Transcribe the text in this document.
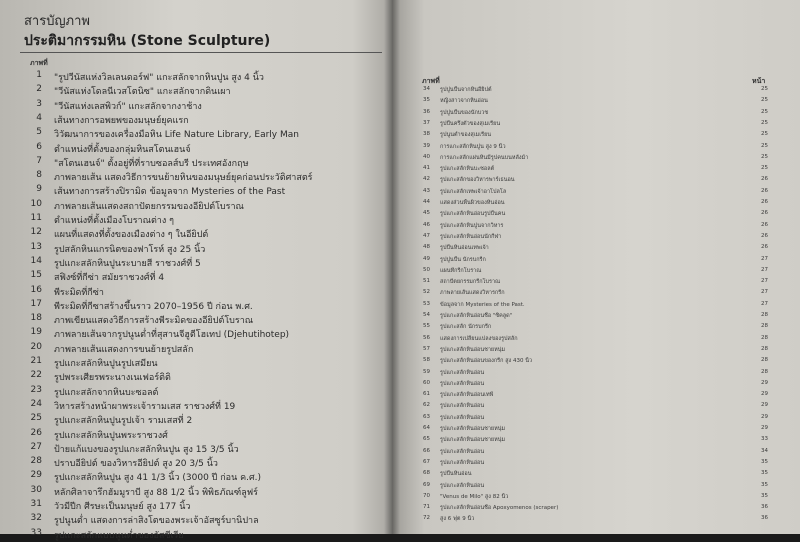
สารบัญภาพ
ประติมากรรมหิน (Stone Sculpture)
ภาพที่
1 "รูปวีนัสแห่งวิลเลนดอร์ฟ" แกะสลักจากหินปูน สูง 4 นิ้ว
2 "วีนัสแห่งโดลนีเวสโตนิซ" แกะสลักจากดินเผา
3 "วีนัสแห่งเลสพิวก์" แกะสลักจากงาช้าง
4 เส้นทางการอพยพของมนุษย์ยุคแรก
5 วิวัฒนาการของเครื่องมือหิน Life Nature Library, Early Man
6 ตำแหน่งที่ตั้งของกลุ่มหินสโตนเฮนจ์
7 "สโตนเฮนจ์" ตั้งอยู่ที่ที่ราบซอลส์บรี ประเทศอังกฤษ
8 ภาพลายเส้น แสดงวิธีการขนย้ายหินของมนุษย์ยุคก่อนประวัติศาสตร์
9 เส้นทางการสร้างปิรามิด ข้อมูลจาก Mysteries of the Past
10 ภาพลายเส้นแสดงสถาปัตยกรรมของอียิปต์โบราณ
11 ตำแหน่งที่ตั้งเมืองโบราณต่าง ๆ
12 แผนที่แสดงที่ตั้งของเมืองต่าง ๆ ในอียิปต์
13 รูปสลักหินแกรนิตของฟาโรห์ สูง 25 นิ้ว
14 รูปแกะสลักหินปูนระบายสี ราชวงศ์ที่ 5
15 สฟิงซ์ที่กีซ่า สมัยราชวงศ์ที่ 4
16 พีระมิดที่กีซ่า
17 พีระมิดที่กีซาสร้างขึ้นราว 2070–1956 ปี ก่อน พ.ศ.
18 ภาพเขียนแสดงวิธีการสร้างพีระมิดของอียิปต์โบราณ
19 ภาพลายเส้นจากรูปนูนต่ำที่สุสานจีฮูตีโฮเทป (Djehutihotep)
20 ภาพลายเส้นแสดงการขนย้ายรูปสลัก
21 รูปแกะสลักหินปูนรูปเสมียน
22 รูปพระเศียรพระนางเนเฟอร์ติติ
23 รูปแกะสลักจากหินบะซอลต์
24 วิหารสร้างหน้าผาพระเจ้ารามเสส ราชวงศ์ที่ 19
25 รูปแกะสลักหินปูนรูปเจ้า รามเสสที่ 2
26 รูปแกะสลักหินปูนพระราชวงศ์
27 ป้ายแก้แบงของรูปแกะสลักหินปูน สูง 15 3/5 นิ้ว
28 ปราบอียิปต์ ของวิหารอียิปต์ สูง 20 3/5 นิ้ว
29 รูปแกะสลักหินปูน สูง 41 1/3 นิ้ว (3000 ปี ก่อน ค.ศ.)
30 หลักศิลาจารึกฮัมมูราบี สูง 88 1/2 นิ้ว พิพิธภัณฑ์ลูฟร์
31 วัวมีปีก ศีรษะเป็นมนุษย์ สูง 177 นิ้ว
32 รูปนูนต่ำ แสดงการล่าสิงโตของพระเจ้าอัสซูร์บานิปาล
33 รูปแกะสลักแบบนูนต่ำของอัสซีเรีย
ภาพที่	หน้า
34 รูปปูนปั้นจากหินอียิปต์	25
35 หญิงสาวจากหินอ่อน	25
36 รูปปูนปั้นของนักบวช	25
37 รูปปั้นครึ่งตัวของสุเมเรียน	25
38 รูปนูนต่ำของสุเมเรียน	25
39 การแกะสลักหินปูน สูง 9 นิ้ว	25
40 การแกะสลักแผ่นหินมีรูปคนบนหลังม้า	25
41 รูปแกะสลักหินบะซอลต์	25
42 รูปแกะสลักของวิหารพาร์เธนอน	26
43 รูปแกะสลักเทพเจ้าอาโปลโล	26
44 แสดงส่วนพื้นผิวของหินอ่อน	26
45 รูปแกะสลักหินอ่อนรูปปั้นคน	26
46 รูปแกะสลักหินปูนจากวิหาร	26
47 รูปแกะสลักหินอ่อนนักกีฬา	26
48 รูปปั้นหินอ่อนเทพเจ้า	26
49 รูปปูนปั้น นักรบกรีก	27
50 แผนที่กรีกโบราณ	27
51 สถาปัตยกรรมกรีกโบราณ	27
52 ภาพลายเส้นแสดงวิหารกรีก	27
53 ข้อมูลจาก Mysteries of the Past.	27
54 รูปแกะสลักหินอ่อนชื่อ "ซิคลูด"	28
55 รูปแกะสลัก นักรบกรีก	28
56 แสดงการเปลี่ยนแปลงของรูปสลัก	28
57 รูปแกะสลักหินอ่อนชายหนุ่ม	28
58 รูปแกะสลักหินอ่อนของกรีก สูง 430 นิ้ว	28
59 รูปแกะสลักหินอ่อน	28
60 รูปแกะสลักหินอ่อน	29
61 รูปแกะสลักหินอ่อนเทพี	29
62 รูปแกะสลักหินอ่อน	29
63 รูปแกะสลักหินอ่อน	29
64 รูปแกะสลักหินอ่อนชายหนุ่ม	29
65 รูปแกะสลักหินอ่อนชายหนุ่ม	33
66 รูปแกะสลักหินอ่อน	34
67 รูปแกะสลักหินอ่อน	35
68 รูปปั้นหินอ่อน	35
69 รูปแกะสลักหินอ่อน	35
70 "Venus de Milo" สูง 82 นิ้ว	35
71 รูปแกะสลักหินอ่อนชื่อ Apoxyomenos (scraper)	36
72 สูง 6 ฟุต 9 นิ้ว	36
